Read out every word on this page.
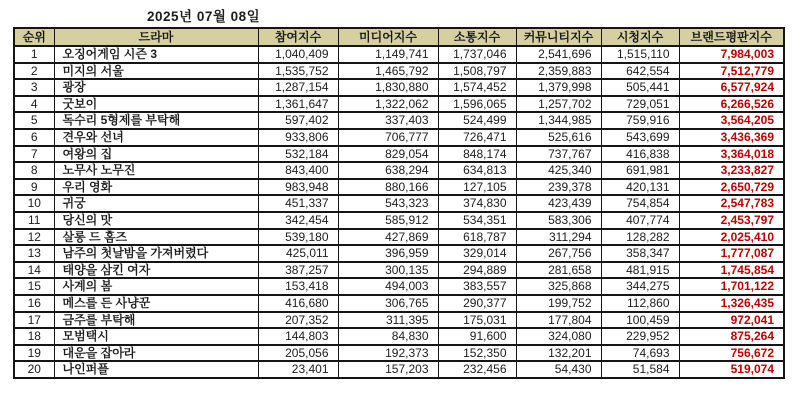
2025년 07월 08일
순위	드라마	참여지수	미디어지수	소통지수	커뮤니티지수	시청지수	브랜드평판지수
1	오징어게임 시즌 3	1,040,409	1,149,741	1,737,046	2,541,696	1,515,110	7,984,003
2	미지의 서울	1,535,752	1,465,792	1,508,797	2,359,883	642,554	7,512,779
3	광장	1,287,154	1,830,880	1,574,452	1,379,998	505,441	6,577,924
4	굿보이	1,361,647	1,322,062	1,596,065	1,257,702	729,051	6,266,526
5	독수리 5형제를 부탁해	597,402	337,403	524,499	1,344,985	759,916	3,564,205
6	견우와 선녀	933,806	706,777	726,471	525,616	543,699	3,436,369
7	여왕의 집	532,184	829,054	848,174	737,767	416,838	3,364,018
8	노무사 노무진	843,400	638,294	634,813	425,340	691,981	3,233,827
9	우리 영화	983,948	880,166	127,105	239,378	420,131	2,650,729
10	귀궁	451,337	543,323	374,830	423,439	754,854	2,547,783
11	당신의 맛	342,454	585,912	534,351	583,306	407,774	2,453,797
12	살롱 드 홈즈	539,180	427,869	618,787	311,294	128,282	2,025,410
13	남주의 첫날밤을 가져버렸다	425,011	396,959	329,014	267,756	358,347	1,777,087
14	태양을 삼킨 여자	387,257	300,135	294,889	281,658	481,915	1,745,854
15	사계의 봄	153,418	494,003	383,557	325,868	344,275	1,701,122
16	메스를 든 사냥꾼	416,680	306,765	290,377	199,752	112,860	1,326,435
17	금주를 부탁해	207,352	311,395	175,031	177,804	100,459	972,041
18	모범택시	144,803	84,830	91,600	324,080	229,952	875,264
19	대운을 잡아라	205,056	192,373	152,350	132,201	74,693	756,672
20	나인퍼플	23,401	157,203	232,456	54,430	51,584	519,074
